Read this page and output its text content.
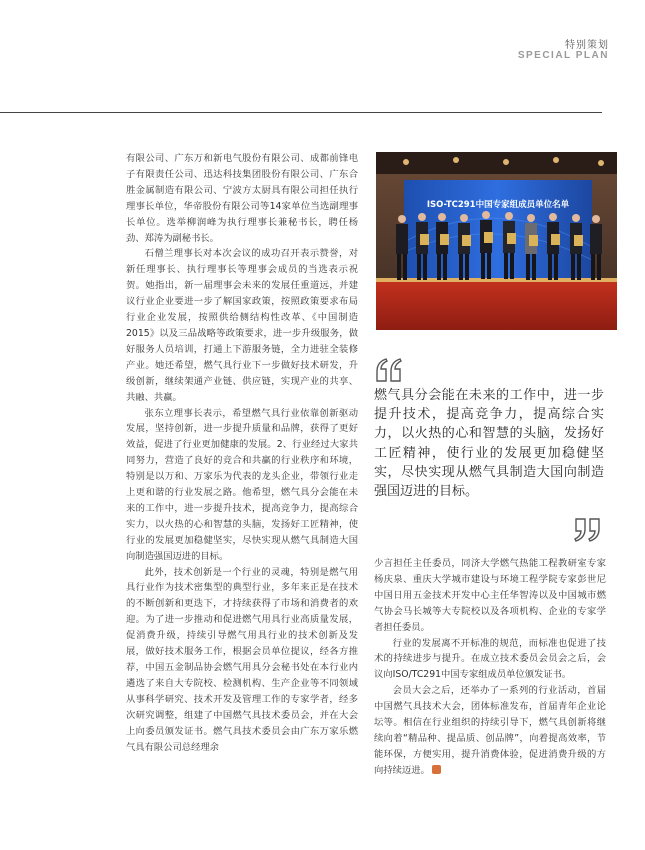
特别策划
SPECIAL PLAN

有限公司、广东万和新电气股份有限公司、成都前锋电子有限责任公司、迅达科技集团股份有限公司、广东合胜金属制造有限公司、宁波方太厨具有限公司担任执行理事长单位，华帝股份有限公司等14家单位当选副理事长单位。选举柳润峰为执行理事长兼秘书长，聘任杨劲、郑涛为副秘书长。

石僧兰理事长对本次会议的成功召开表示赞誉，对新任理事长、执行理事长等理事会成员的当选表示祝贺。她指出，新一届理事会未来的发展任重道远，并建议行业企业要进一步了解国家政策，按照政策要求布局行业企业发展，按照供给侧结构性改革、《中国制造2015》以及三品战略等政策要求，进一步升级服务，做好服务人员培训，打通上下游服务链，全力进驻全装修产业。她还希望，燃气具行业下一步做好技术研发，升级创新，继续架通产业链、供应链，实现产业的共享、共融、共赢。

张东立理事长表示，希望燃气具行业依靠创新驱动发展，坚持创新，进一步提升质量和品牌，获得了更好效益，促进了行业更加健康的发展。2、行业经过大家共同努力，营造了良好的竞合和共赢的行业秩序和环境，特别是以万和、万家乐为代表的龙头企业，带领行业走上更和谐的行业发展之路。他希望，燃气具分会能在未来的工作中，进一步提升技术，提高竞争力，提高综合实力，以火热的心和智慧的头脑，发扬好工匠精神，使行业的发展更加稳健坚实，尽快实现从燃气具制造大国向制造强国迈进的目标。

此外，技术创新是一个行业的灵魂，特别是燃气用具行业作为技术密集型的典型行业，多年来正是在技术的不断创新和更迭下，才持续获得了市场和消费者的欢迎。为了进一步推动和促进燃气用具行业高质量发展，促消费升级，持续引导燃气用具行业的技术创新及发展，做好技术服务工作，根据会员单位提议，经各方推荐，中国五金制品协会燃气用具分会秘书处在本行业内遴选了来自大专院校、检测机构、生产企业等不同领域从事科学研究、技术开发及管理工作的专家学者，经多次研究调整，组建了中国燃气具技术委员会，并在大会上向委员颁发证书。燃气具技术委员会由广东万家乐燃气具有限公司总经理余

ISO-TC291中国专家组成员单位名单
燃气具分会能在未来的工作中，进一步提升技术，提高竞争力，提高综合实力，以火热的心和智慧的头脑，发扬好工匠精神，使行业的发展更加稳健坚实，尽快实现从燃气具制造大国向制造强国迈进的目标。

少言担任主任委员，同济大学燃气热能工程教研室专家杨庆泉、重庆大学城市建设与环境工程学院专家彭世尼中国日用五金技术开发中心主任华智涛以及中国城市燃气协会马长城等大专院校以及各项机构、企业的专家学者担任委员。

行业的发展离不开标准的规范，而标准也促进了技术的持续进步与提升。在成立技术委员会员会之后，会议向ISO/TC291中国专家组成员单位颁发证书。

会员大会之后，还举办了一系列的行业活动，首届中国燃气具技术大会，团体标准发布，首届青年企业论坛等。相信在行业组织的持续引导下，燃气具创新将继续向着“精品种、提品质、创品牌”，向着提高效率，节能环保，方便实用，提升消费体验，促进消费升级的方向持续迈进。
